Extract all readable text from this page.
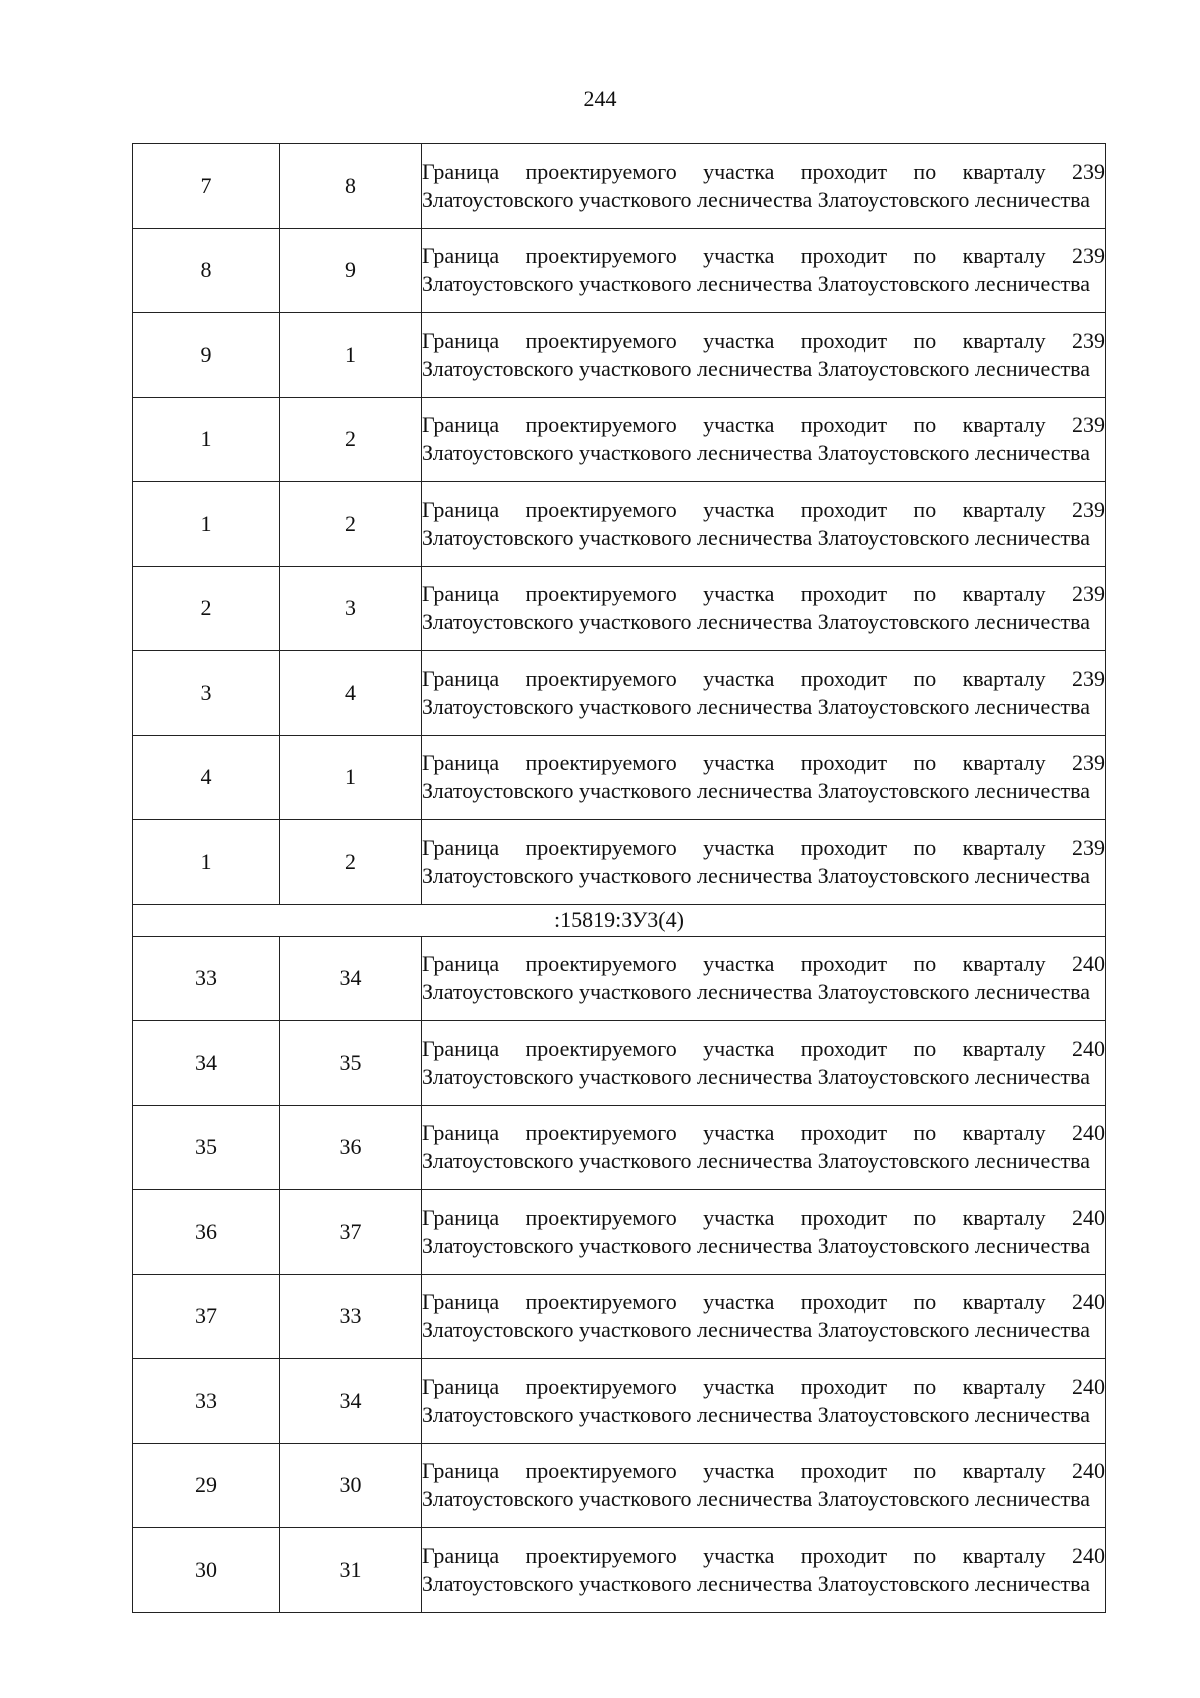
244
7	8	Граница проектируемого участка проходит по кварталу 239 Златоустовского участкового лесничества Златоустовского лесничества
8	9	Граница проектируемого участка проходит по кварталу 239 Златоустовского участкового лесничества Златоустовского лесничества
9	1	Граница проектируемого участка проходит по кварталу 239 Златоустовского участкового лесничества Златоустовского лесничества
1	2	Граница проектируемого участка проходит по кварталу 239 Златоустовского участкового лесничества Златоустовского лесничества
1	2	Граница проектируемого участка проходит по кварталу 239 Златоустовского участкового лесничества Златоустовского лесничества
2	3	Граница проектируемого участка проходит по кварталу 239 Златоустовского участкового лесничества Златоустовского лесничества
3	4	Граница проектируемого участка проходит по кварталу 239 Златоустовского участкового лесничества Златоустовского лесничества
4	1	Граница проектируемого участка проходит по кварталу 239 Златоустовского участкового лесничества Златоустовского лесничества
1	2	Граница проектируемого участка проходит по кварталу 239 Златоустовского участкового лесничества Златоустовского лесничества
:15819:ЗУ3(4)		
33	34	Граница проектируемого участка проходит по кварталу 240 Златоустовского участкового лесничества Златоустовского лесничества
34	35	Граница проектируемого участка проходит по кварталу 240 Златоустовского участкового лесничества Златоустовского лесничества
35	36	Граница проектируемого участка проходит по кварталу 240 Златоустовского участкового лесничества Златоустовского лесничества
36	37	Граница проектируемого участка проходит по кварталу 240 Златоустовского участкового лесничества Златоустовского лесничества
37	33	Граница проектируемого участка проходит по кварталу 240 Златоустовского участкового лесничества Златоустовского лесничества
33	34	Граница проектируемого участка проходит по кварталу 240 Златоустовского участкового лесничества Златоустовского лесничества
29	30	Граница проектируемого участка проходит по кварталу 240 Златоустовского участкового лесничества Златоустовского лесничества
30	31	Граница проектируемого участка проходит по кварталу 240 Златоустовского участкового лесничества Златоустовского лесничества
